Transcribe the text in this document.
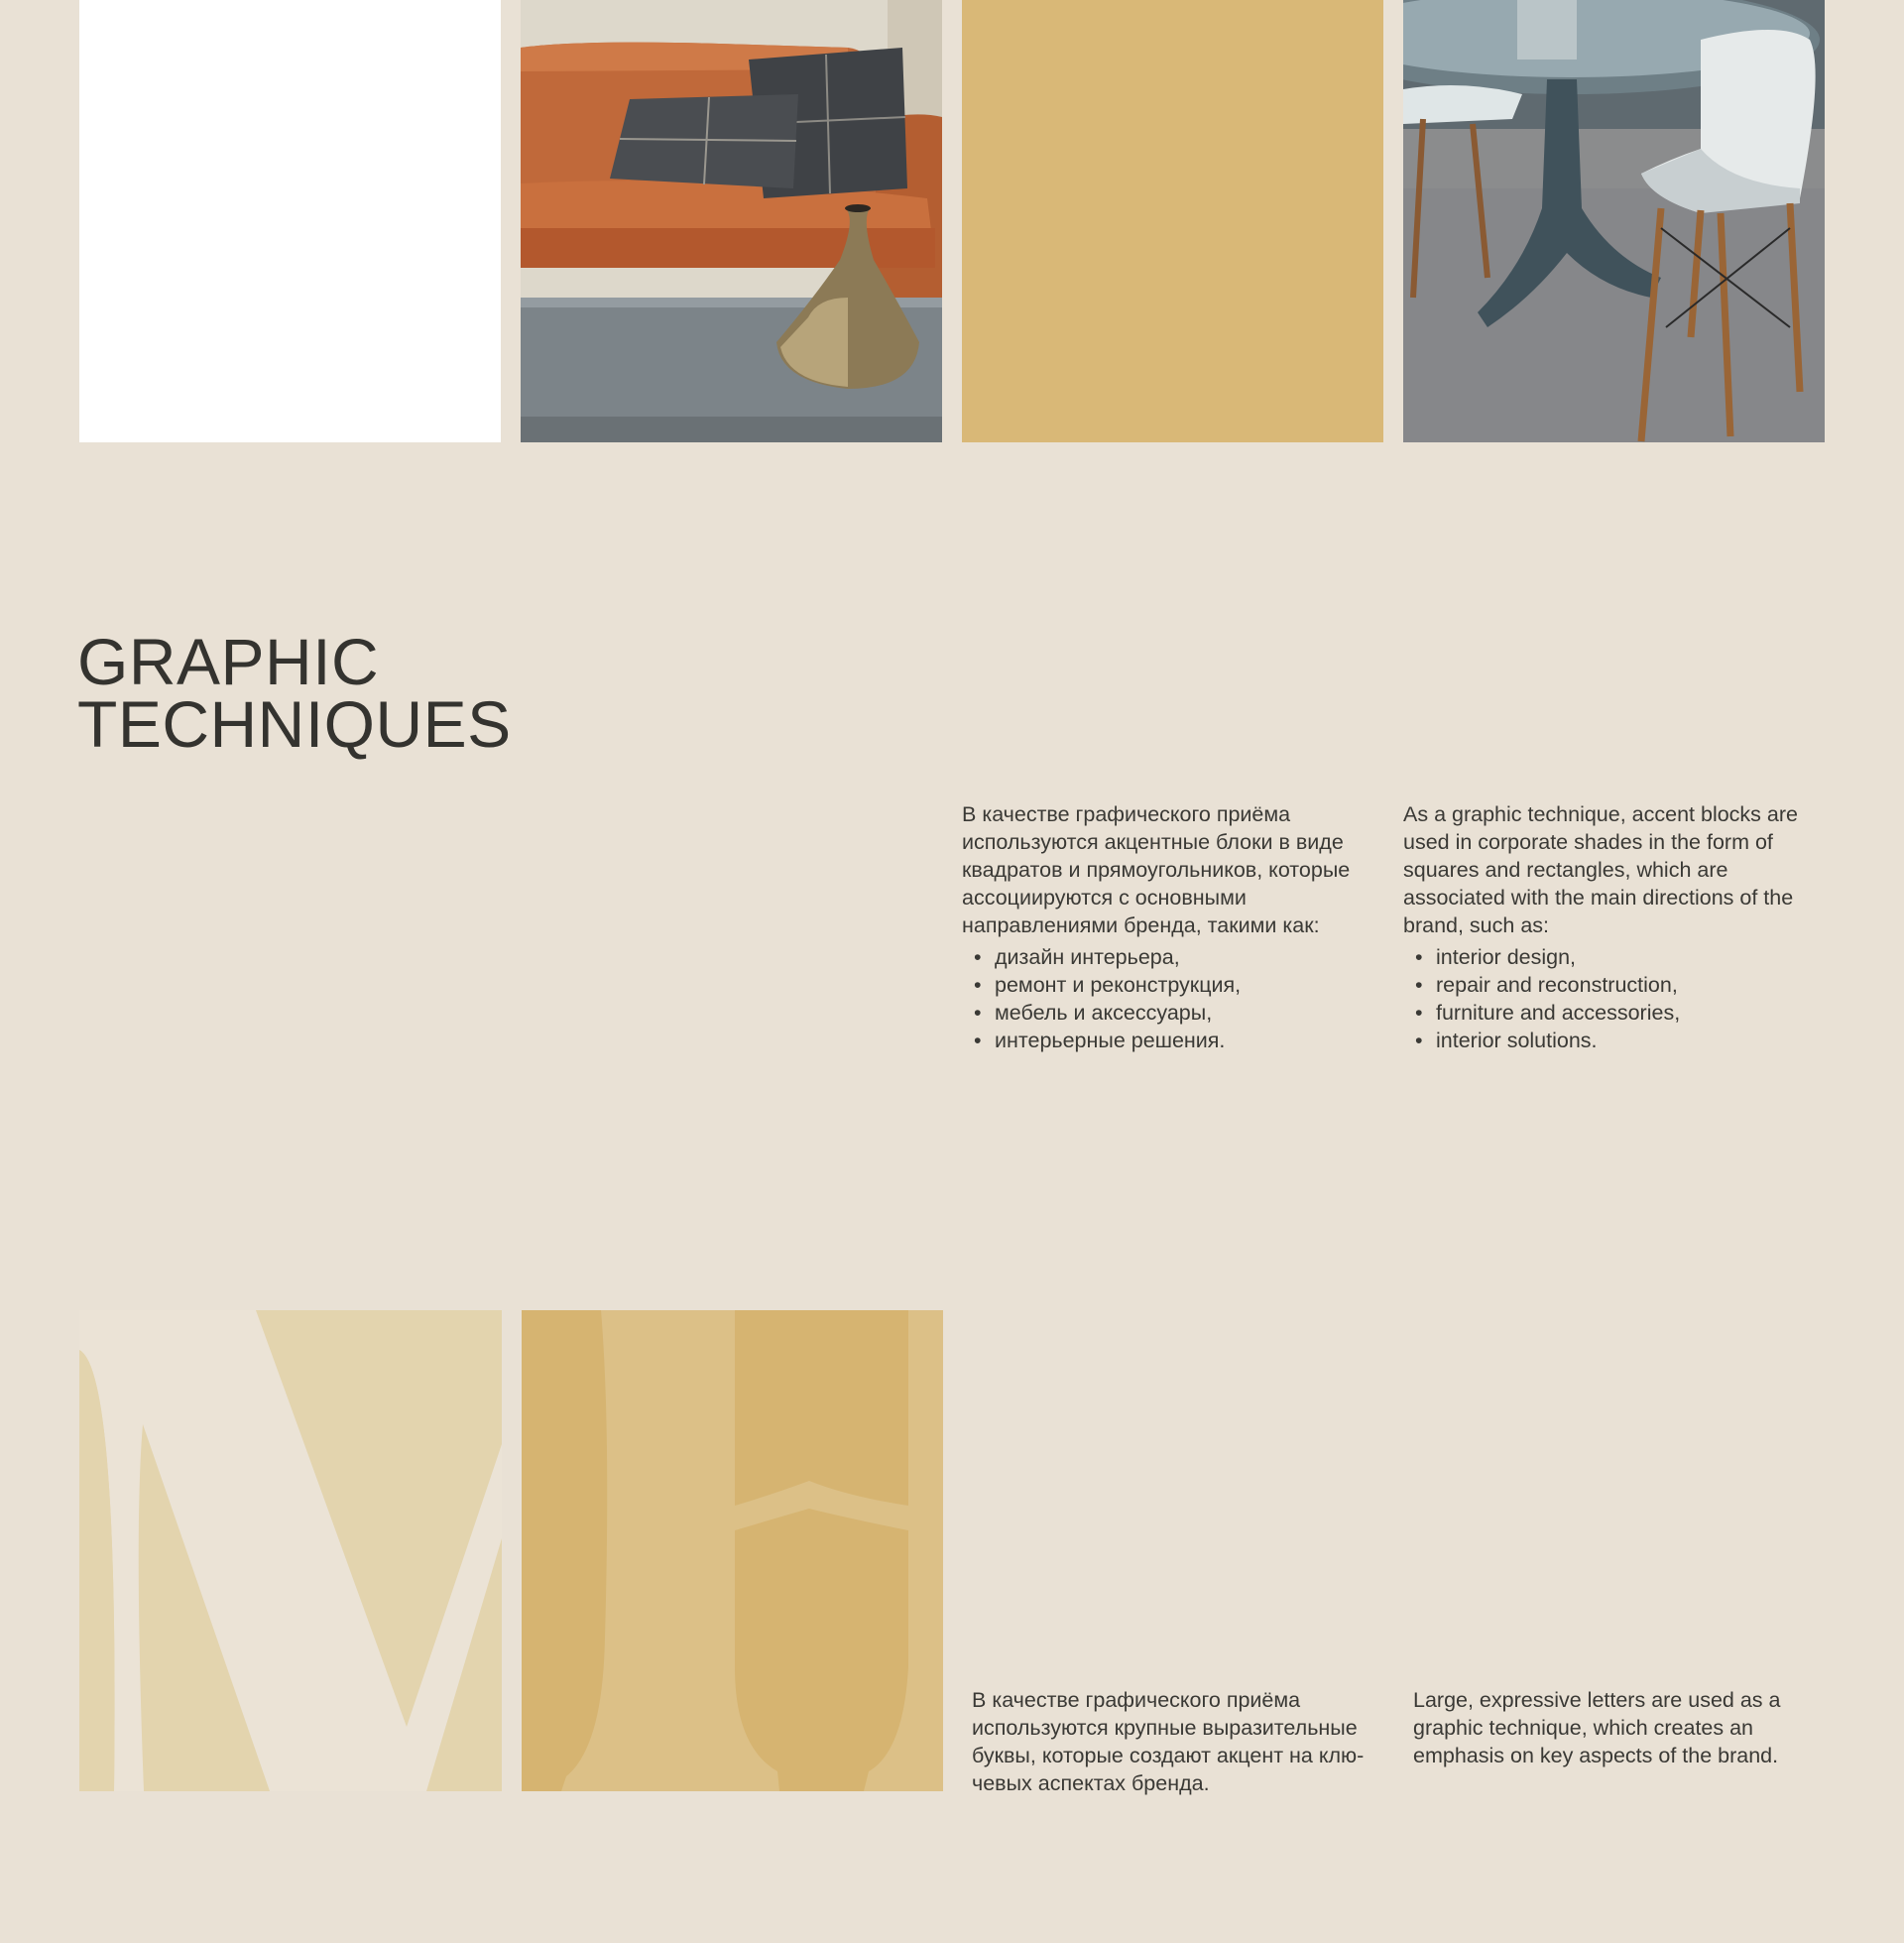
GRAPHIC
TECHNIQUES

В качестве графического приёма используются акцентные блоки в виде квадратов и прямоугольников, которые ассоциируются с основными направлениями бренда, такими как:

• дизайн интерьера,
• ремонт и реконструкция,
• мебель и аксессуары,
• интерьерные решения.

As a graphic technique, accent blocks are used in corporate shades in the form of squares and rectangles, which are associated with the main directions of the brand, such as:

• interior design,
• repair and reconstruction,
• furniture and accessories,
• interior solutions.

В качестве графического приёма используются крупные выразительные буквы, которые создают акцент на ключевых аспектах бренда.

Large, expressive letters are used as a graphic technique, which creates an emphasis on key aspects of the brand.
